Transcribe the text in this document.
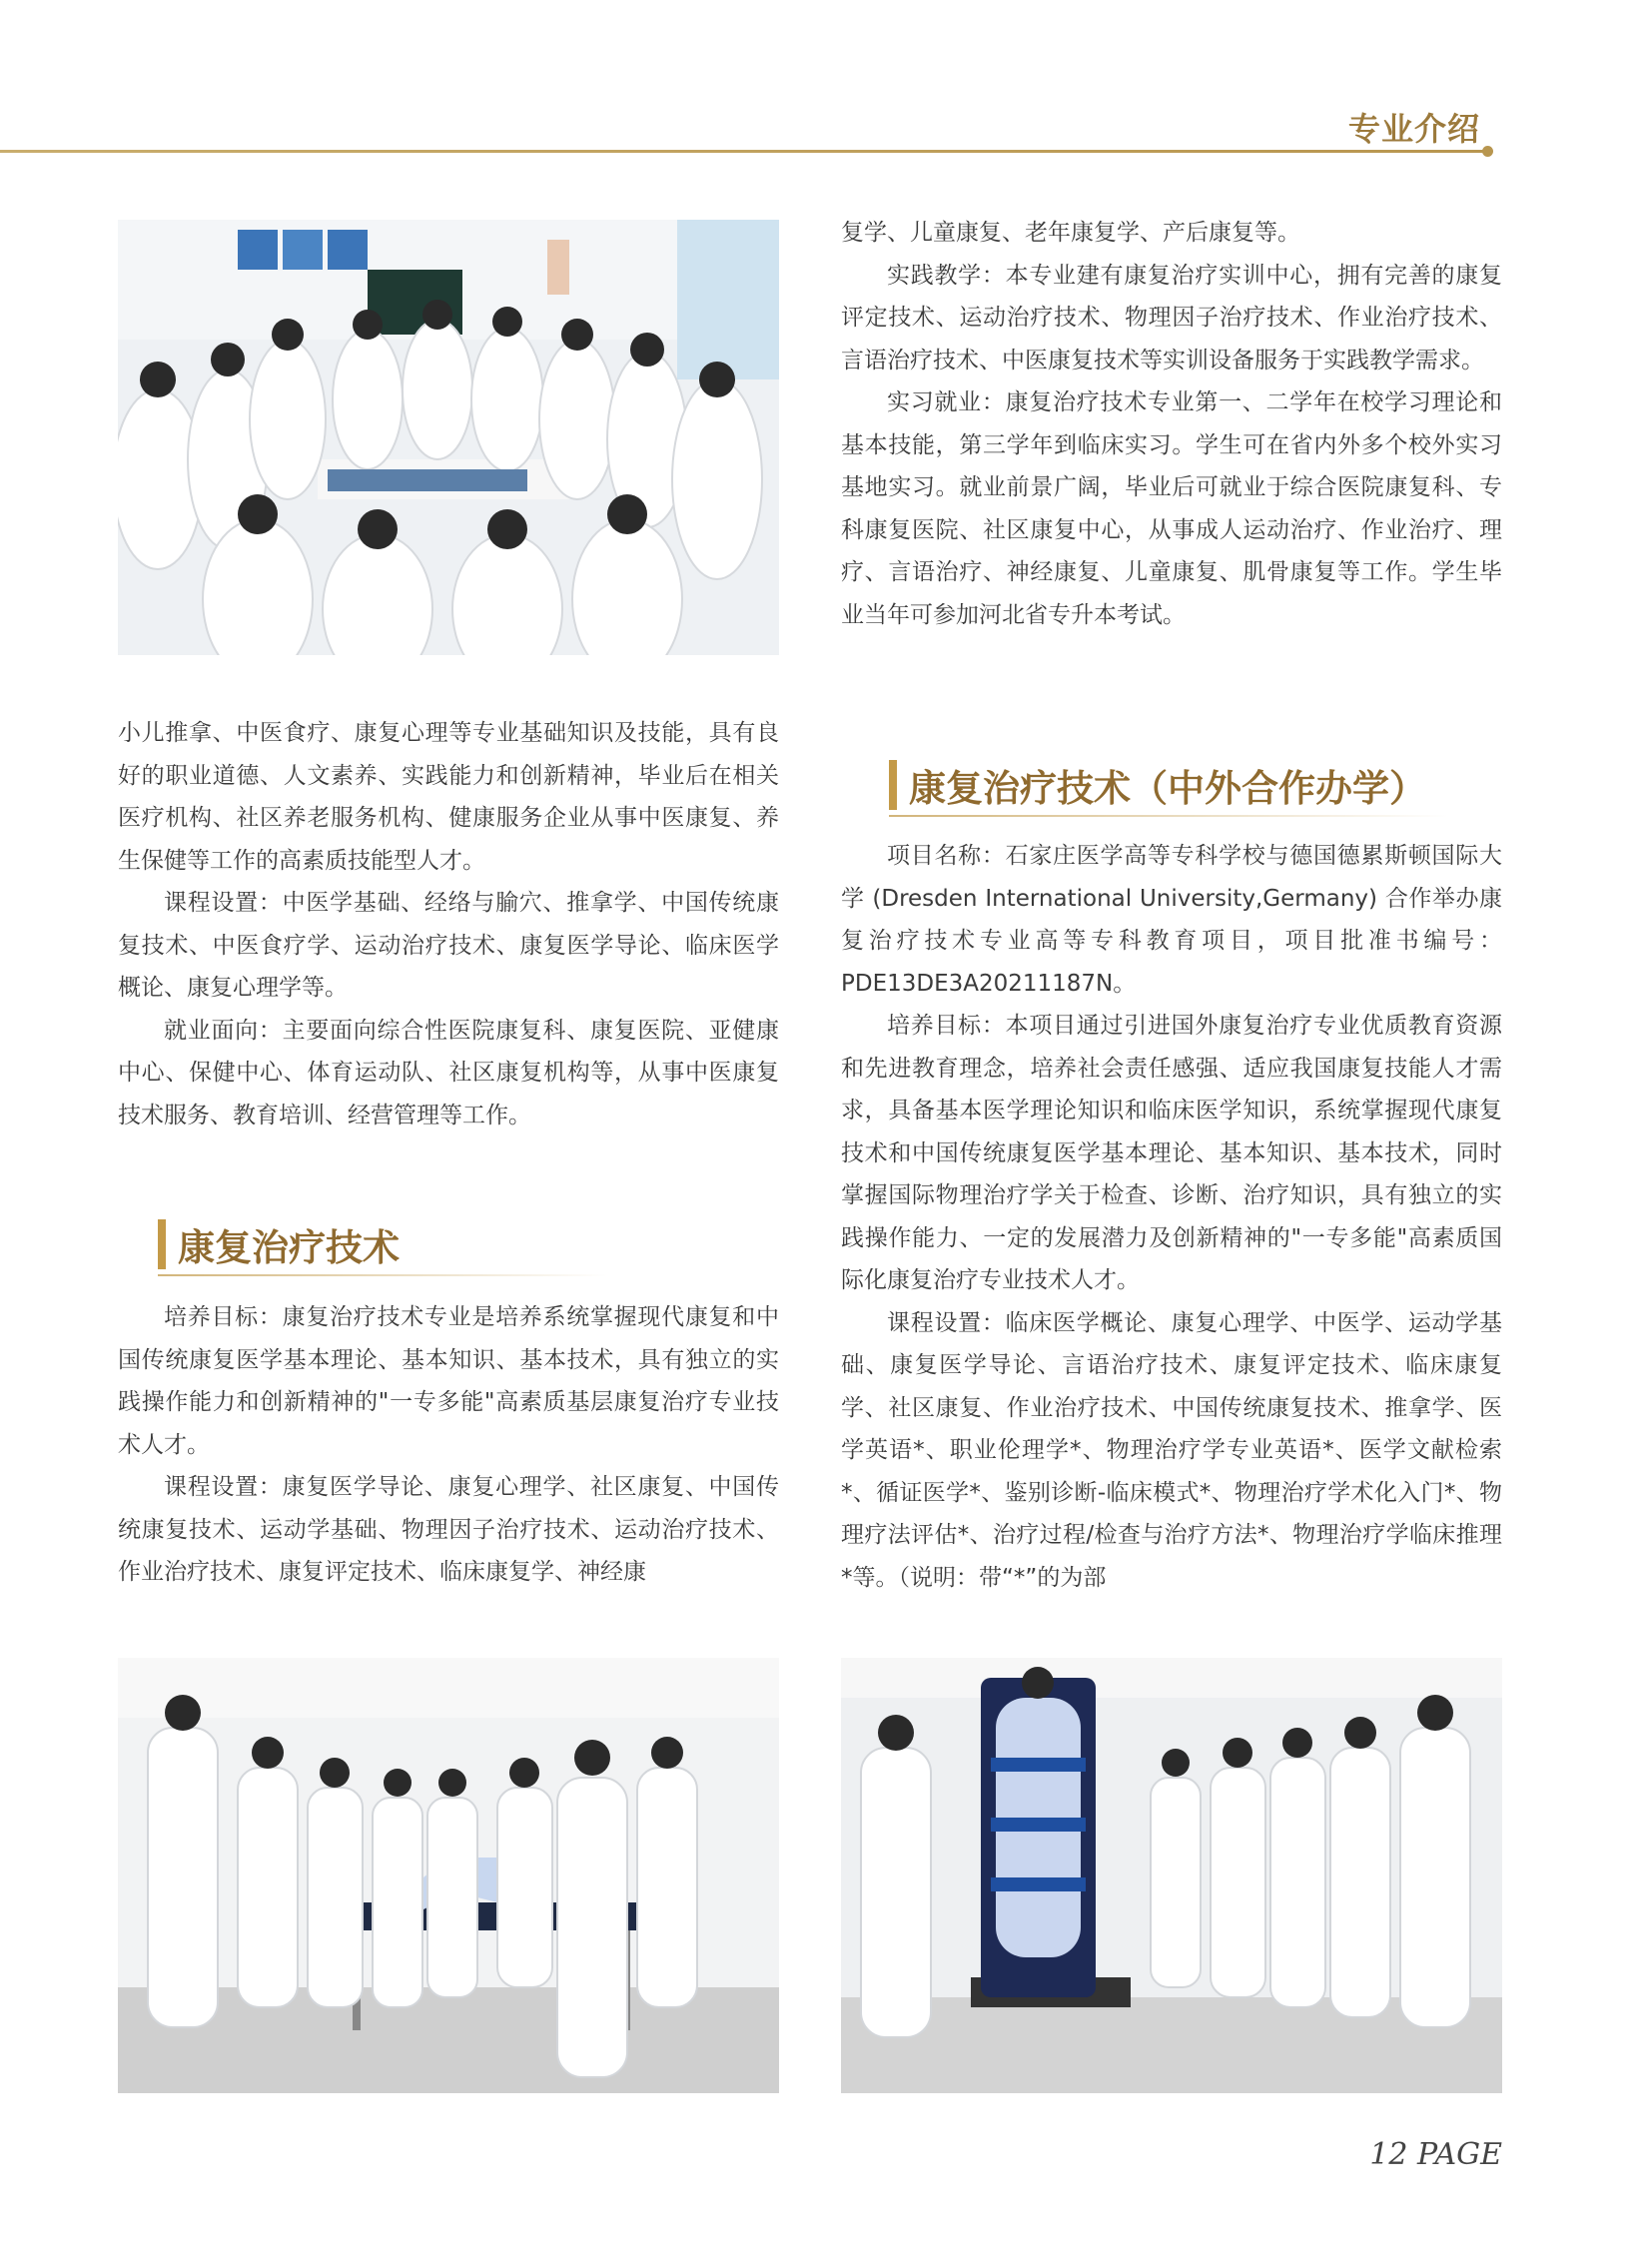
专业介绍

小儿推拿、中医食疗、康复心理等专业基础知识及技能，具有良好的职业道德、人文素养、实践能力和创新精神，毕业后在相关医疗机构、社区养老服务机构、健康服务企业从事中医康复、养生保健等工作的高素质技能型人才。

课程设置：中医学基础、经络与腧穴、推拿学、中国传统康复技术、中医食疗学、运动治疗技术、康复医学导论、临床医学概论、康复心理学等。

就业面向：主要面向综合性医院康复科、康复医院、亚健康中心、保健中心、体育运动队、社区康复机构等，从事中医康复技术服务、教育培训、经营管理等工作。

康复治疗技术

培养目标：康复治疗技术专业是培养系统掌握现代康复和中国传统康复医学基本理论、基本知识、基本技术，具有独立的实践操作能力和创新精神的"一专多能"高素质基层康复治疗专业技术人才。

课程设置：康复医学导论、康复心理学、社区康复、中国传统康复技术、运动学基础、物理因子治疗技术、运动治疗技术、作业治疗技术、康复评定技术、临床康复学、神经康

复学、儿童康复、老年康复学、产后康复等。

实践教学：本专业建有康复治疗实训中心，拥有完善的康复评定技术、运动治疗技术、物理因子治疗技术、作业治疗技术、言语治疗技术、中医康复技术等实训设备服务于实践教学需求。

实习就业：康复治疗技术专业第一、二学年在校学习理论和基本技能，第三学年到临床实习。学生可在省内外多个校外实习基地实习。就业前景广阔，毕业后可就业于综合医院康复科、专科康复医院、社区康复中心，从事成人运动治疗、作业治疗、理疗、言语治疗、神经康复、儿童康复、肌骨康复等工作。学生毕业当年可参加河北省专升本考试。

康复治疗技术（中外合作办学）

项目名称：石家庄医学高等专科学校与德国德累斯顿国际大学 (Dresden International University,Germany) 合作举办康复治疗技术专业高等专科教育项目，项目批准书编号：PDE13DE3A20211187N。

培养目标：本项目通过引进国外康复治疗专业优质教育资源和先进教育理念，培养社会责任感强、适应我国康复技能人才需求，具备基本医学理论知识和临床医学知识，系统掌握现代康复技术和中国传统康复医学基本理论、基本知识、基本技术，同时掌握国际物理治疗学关于检查、诊断、治疗知识，具有独立的实践操作能力、一定的发展潜力及创新精神的"一专多能"高素质国际化康复治疗专业技术人才。

课程设置：临床医学概论、康复心理学、中医学、运动学基础、康复医学导论、言语治疗技术、康复评定技术、临床康复学、社区康复、作业治疗技术、中国传统康复技术、推拿学、医学英语*、职业伦理学*、物理治疗学专业英语*、医学文献检索*、循证医学*、鉴别诊断-临床模式*、物理治疗学术化入门*、物理疗法评估*、治疗过程/检查与治疗方法*、物理治疗学临床推理*等。（说明：带“*”的为部

12 PAGE
